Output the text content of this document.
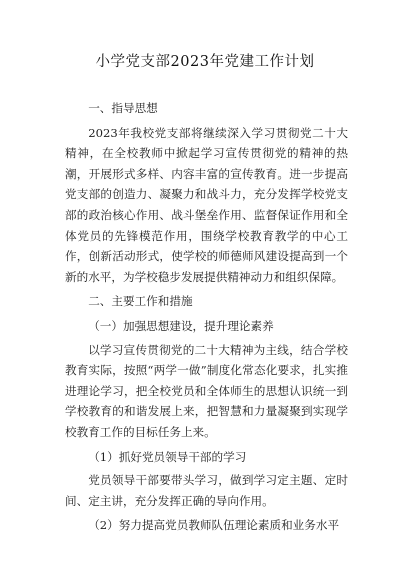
小学党支部2023年党建工作计划

一、指导思想

2023年我校党支部将继续深入学习贯彻党二十大精神，在全校教师中掀起学习宣传贯彻党的精神的热潮，开展形式多样、内容丰富的宣传教育。进一步提高党支部的创造力、凝聚力和战斗力，充分发挥学校党支部的政治核心作用、战斗堡垒作用、监督保证作用和全体党员的先锋模范作用，围绕学校教育教学的中心工作，创新活动形式，使学校的师德师风建设提高到一个新的水平，为学校稳步发展提供精神动力和组织保障。

二、主要工作和措施

（一）加强思想建设，提升理论素养

以学习宣传贯彻党的二十大精神为主线，结合学校教育实际，按照“两学一做”制度化常态化要求，扎实推进理论学习，把全校党员和全体师生的思想认识统一到学校教育的和谐发展上来，把智慧和力量凝聚到实现学校教育工作的目标任务上来。

（1）抓好党员领导干部的学习

党员领导干部要带头学习，做到学习定主题、定时间、定主讲，充分发挥正确的导向作用。

（2）努力提高党员教师队伍理论素质和业务水平
